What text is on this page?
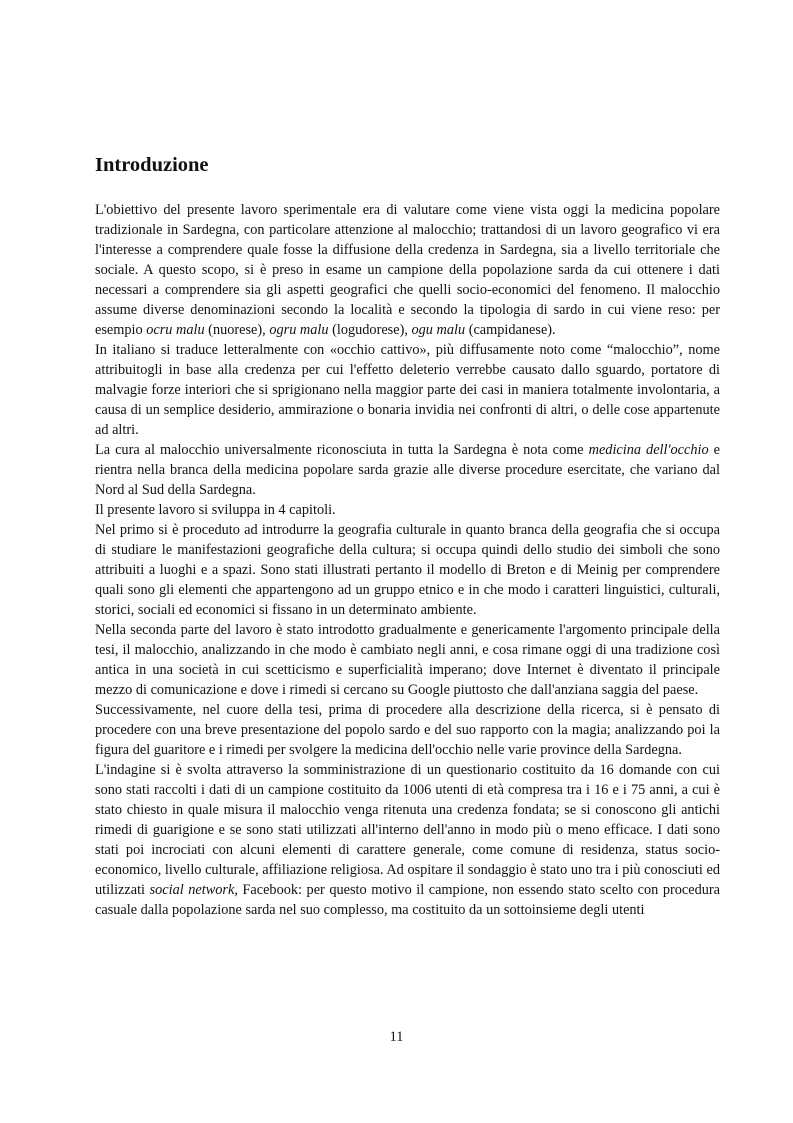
Introduzione

L'obiettivo del presente lavoro sperimentale era di valutare come viene vista oggi la medicina popolare tradizionale in Sardegna, con particolare attenzione al malocchio; trattandosi di un lavoro geografico vi era l'interesse a comprendere quale fosse la diffusione della credenza in Sardegna, sia a livello territoriale che sociale. A questo scopo, si è preso in esame un campione della popolazione sarda da cui ottenere i dati necessari a comprendere sia gli aspetti geografici che quelli socio-economici del fenomeno. Il malocchio assume diverse denominazioni secondo la località e secondo la tipologia di sardo in cui viene reso: per esempio ocru malu (nuorese), ogru malu (logudorese), ogu malu (campidanese).

In italiano si traduce letteralmente con «occhio cattivo», più diffusamente noto come “malocchio”, nome attribuitogli in base alla credenza per cui l'effetto deleterio verrebbe causato dallo sguardo, portatore di malvagie forze interiori che si sprigionano nella maggior parte dei casi in maniera totalmente involontaria, a causa di un semplice desiderio, ammirazione o bonaria invidia nei confronti di altri, o delle cose appartenute ad altri.

La cura al malocchio universalmente riconosciuta in tutta la Sardegna è nota come medicina dell'occhio e rientra nella branca della medicina popolare sarda grazie alle diverse procedure esercitate, che variano dal Nord al Sud della Sardegna.

Il presente lavoro si sviluppa in 4 capitoli.

Nel primo si è proceduto ad introdurre la geografia culturale in quanto branca della geografia che si occupa di studiare le manifestazioni geografiche della cultura; si occupa quindi dello studio dei simboli che sono attribuiti a luoghi e a spazi. Sono stati illustrati pertanto il modello di Breton e di Meinig per comprendere quali sono gli elementi che appartengono ad un gruppo etnico e in che modo i caratteri linguistici, culturali, storici, sociali ed economici si fissano in un determinato ambiente.

Nella seconda parte del lavoro è stato introdotto gradualmente e genericamente l'argomento principale della tesi, il malocchio, analizzando in che modo è cambiato negli anni, e cosa rimane oggi di una tradizione così antica in una società in cui scetticismo e superficialità imperano; dove Internet è diventato il principale mezzo di comunicazione e dove i rimedi si cercano su Google piuttosto che dall'anziana saggia del paese.

Successivamente, nel cuore della tesi, prima di procedere alla descrizione della ricerca, si è pensato di procedere con una breve presentazione del popolo sardo e del suo rapporto con la magia; analizzando poi la figura del guaritore e i rimedi per svolgere la medicina dell'occhio nelle varie province della Sardegna.

L'indagine si è svolta attraverso la somministrazione di un questionario costituito da 16 domande con cui sono stati raccolti i dati di un campione costituito da 1006 utenti di età compresa tra i 16 e i 75 anni, a cui è stato chiesto in quale misura il malocchio venga ritenuta una credenza fondata; se si conoscono gli antichi rimedi di guarigione e se sono stati utilizzati all'interno dell'anno in modo più o meno efficace. I dati sono stati poi incrociati con alcuni elementi di carattere generale, come comune di residenza, status socio-economico, livello culturale, affiliazione religiosa. Ad ospitare il sondaggio è stato uno tra i più conosciuti ed utilizzati social network, Facebook: per questo motivo il campione, non essendo stato scelto con procedura casuale dalla popolazione sarda nel suo complesso, ma costituito da un sottoinsieme degli utenti

11
